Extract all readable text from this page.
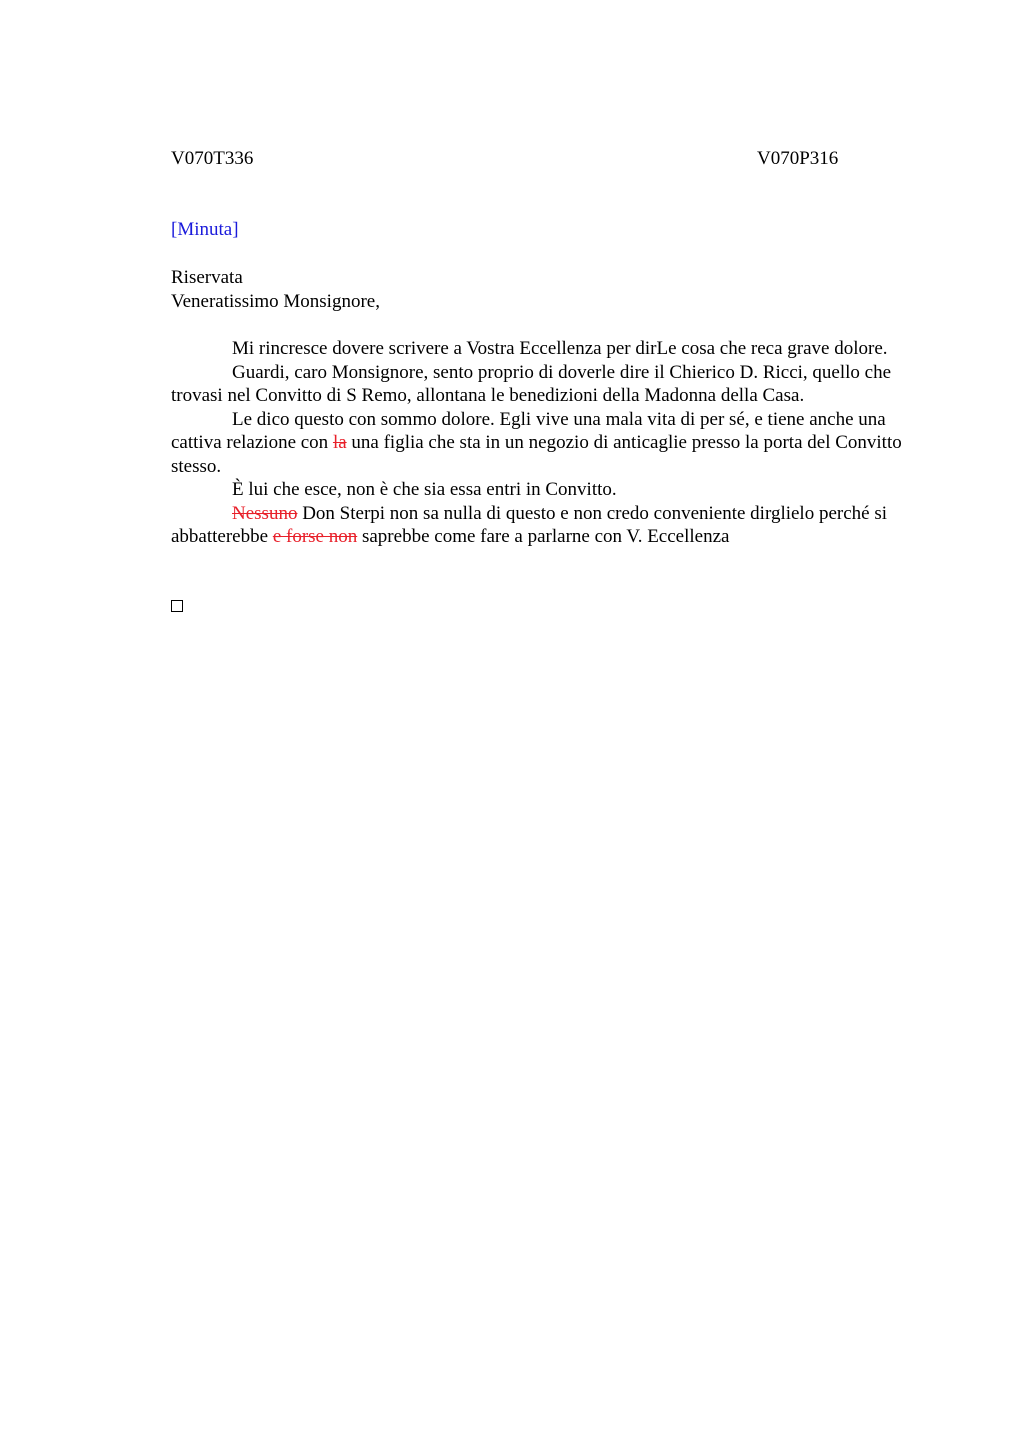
V070T336	V070P316
[Minuta]
Riservata
Veneratissimo Monsignore,

Mi rincresce dovere scrivere a Vostra Eccellenza per dirLe cosa che reca grave dolore.

Guardi, caro Monsignore, sento proprio di doverle dire il Chierico D. Ricci, quello che trovasi nel Convitto di S Remo, allontana le benedizioni della Madonna della Casa.

Le dico questo con sommo dolore. Egli vive una mala vita di per sé, e tiene anche una cattiva relazione con la una figlia che sta in un negozio di anticaglie presso la porta del Convitto stesso.

È lui che esce, non è che sia essa entri in Convitto.

Nessuno Don Sterpi non sa nulla di questo e non credo conveniente dirglielo perché si abbatterebbe e forse non saprebbe come fare a parlarne con V. Eccellenza
